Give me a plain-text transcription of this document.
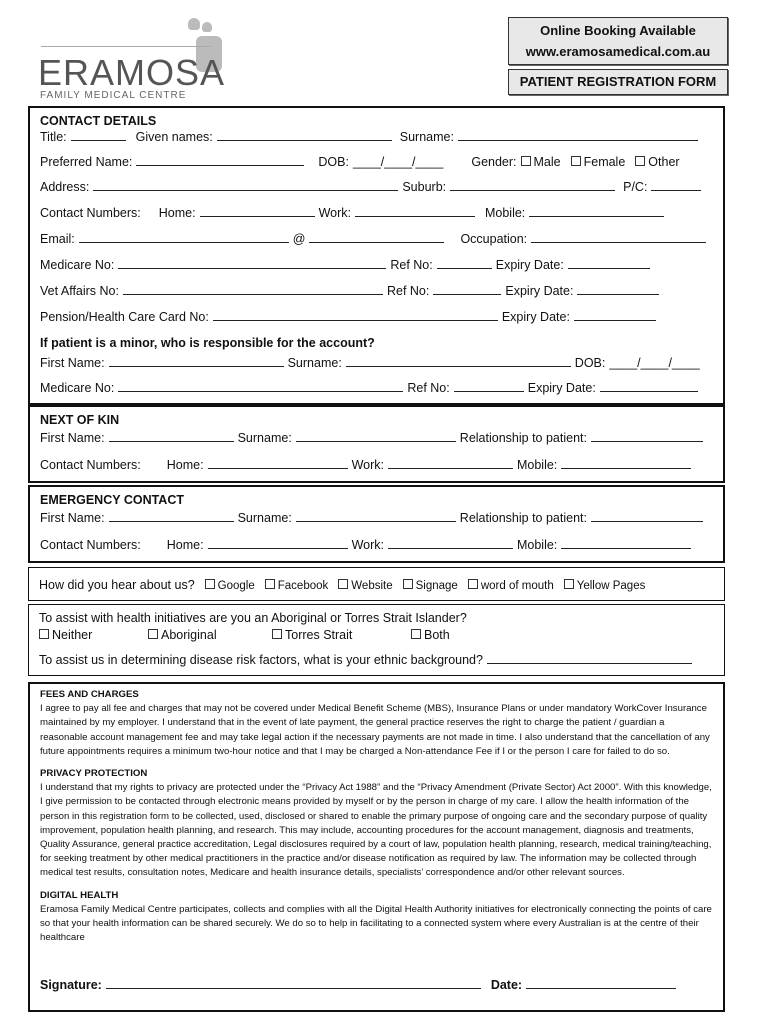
ERAMOSA
FAMILY MEDICAL CENTRE
Online Booking Available
www.eramosamedical.com.au
PATIENT REGISTRATION FORM
CONTACT DETAILS
Title:	Given names:	Surname:
Preferred Name:	DOB: ____/____/____ Gender:	Male	Female	Other
Address:	Suburb:	P/C:
Contact Numbers: Home:	Work:	Mobile:
Email:	@	Occupation:
Medicare No:	Ref No:	Expiry Date:
Vet Affairs No:	Ref No:	Expiry Date:
Pension/Health Care Card No:	Expiry Date:
If patient is a minor, who is responsible for the account?
First Name:	Surname:	DOB: ____/____/____
Medicare No:	Ref No:	Expiry Date:
NEXT OF KIN
First Name:	Surname:	Relationship to patient:
Contact Numbers: Home:	Work:	Mobile:
EMERGENCY CONTACT
First Name:	Surname:	Relationship to patient:
Contact Numbers: Home:	Work:	Mobile:
How did you hear about us?	Google	Facebook	Website	Signage	word of mouth	Yellow Pages
To assist with health initiatives are you an Aboriginal or Torres Strait Islander?
Neither	Aboriginal	Torres Strait	Both
To assist us in determining disease risk factors, what is your ethnic background?
FEES AND CHARGES

I agree to pay all fee and charges that may not be covered under Medical Benefit Scheme (MBS), Insurance Plans or under mandatory WorkCover Insurance maintained by my employer. I understand that in the event of late payment, the general practice reserves the right to charge the patient / guardian a reasonable account management fee and may take legal action if the necessary payments are not made in time. I also understand that the cancellation of any future appointments requires a minimum two-hour notice and that I may be charged a Non-attendance Fee if I or the person I care for failed to do so.

PRIVACY PROTECTION

I understand that my rights to privacy are protected under the “Privacy Act 1988” and the “Privacy Amendment (Private Sector) Act 2000”. With this knowledge, I give permission to be contacted through electronic means provided by myself or by the person in charge of my care. I allow the health information of the person in this registration form to be collected, used, disclosed or shared to enable the primary purpose of ongoing care and the secondary purpose of quality improvement, population health planning, and research. This may include, accounting procedures for the account management, diagnosis and treatments, Quality Assurance, general practice accreditation, Legal disclosures required by a court of law, population health planning, research, medical training/teaching, for seeking treatment by other medical practitioners in the practice and/or disease notification as required by law. The information may be collected through medical test results, consultation notes, Medicare and health insurance details, specialists’ correspondence and/or other relevant sources.

DIGITAL HEALTH

Eramosa Family Medical Centre participates, collects and complies with all the Digital Health Authority initiatives for electronically connecting the points of care so that your health information can be shared securely. We do so to help in facilitating to a connected system where every Australian is at the centre of their healthcare

Signature:	Date:
